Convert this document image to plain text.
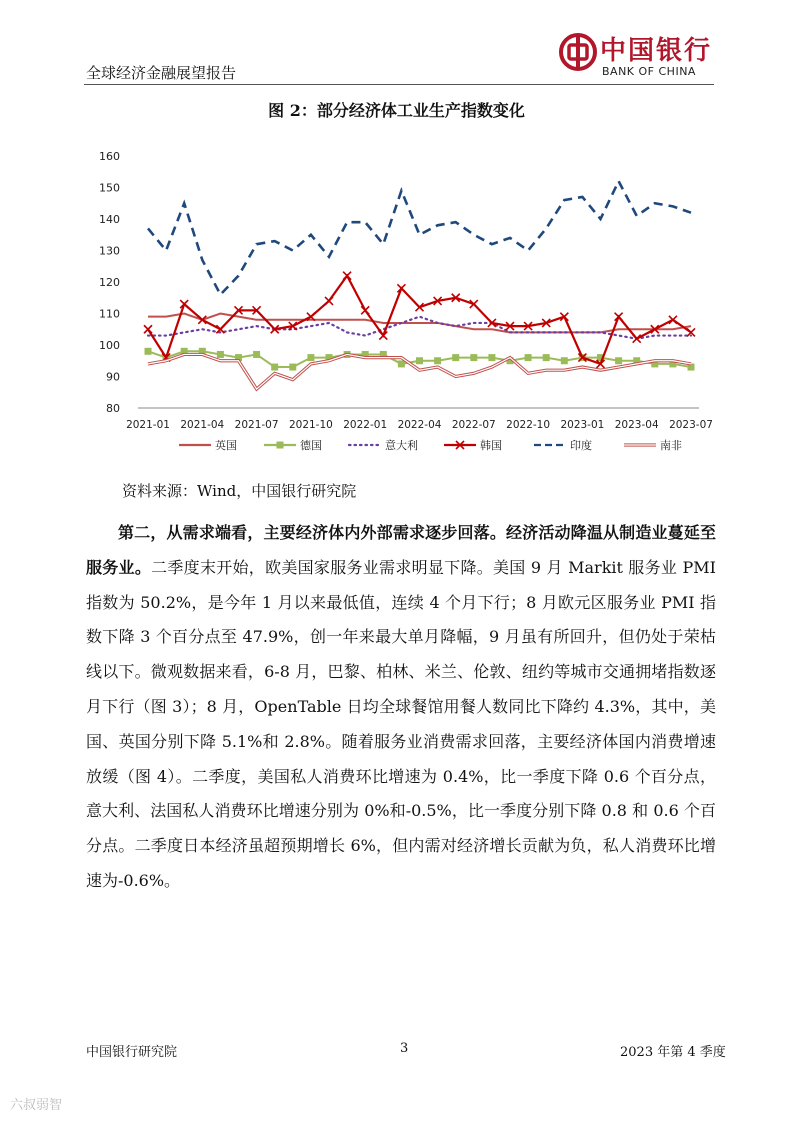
全球经济金融展望报告
中国银行
BANK OF CHINA
图 2：部分经济体工业生产指数变化
80
90
100
110
120
130
140
150
160
2021-01 2021-04 2021-07 2021-10 2022-01 2022-04 2022-07 2022-10 2023-01 2023-04 2023-07
英国	德国	意大利	韩国	印度	南非
资料来源：Wind，中国银行研究院

第二，从需求端看，主要经济体内外部需求逐步回落。经济活动降温从制造业蔓延至服务业。二季度末开始，欧美国家服务业需求明显下降。美国 9 月 Markit 服务业 PMI 指数为 50.2%，是今年 1 月以来最低值，连续 4 个月下行；8 月欧元区服务业 PMI 指数下降 3 个百分点至 47.9%，创一年来最大单月降幅，9 月虽有所回升，但仍处于荣枯线以下。微观数据来看，6-8 月，巴黎、柏林、米兰、伦敦、纽约等城市交通拥堵指数逐月下行（图 3）；8 月，OpenTable 日均全球餐馆用餐人数同比下降约 4.3%，其中，美国、英国分别下降 5.1%和 2.8%。随着服务业消费需求回落，主要经济体国内消费增速放缓（图 4）。二季度，美国私人消费环比增速为 0.4%，比一季度下降 0.6 个百分点，意大利、法国私人消费环比增速分别为 0%和-0.5%，比一季度分别下降 0.8 和 0.6 个百分点。二季度日本经济虽超预期增长 6%，但内需对经济增长贡献为负，私人消费环比增速为-0.6%。

中国银行研究院	3	2023 年第 4 季度
六叔弱智
